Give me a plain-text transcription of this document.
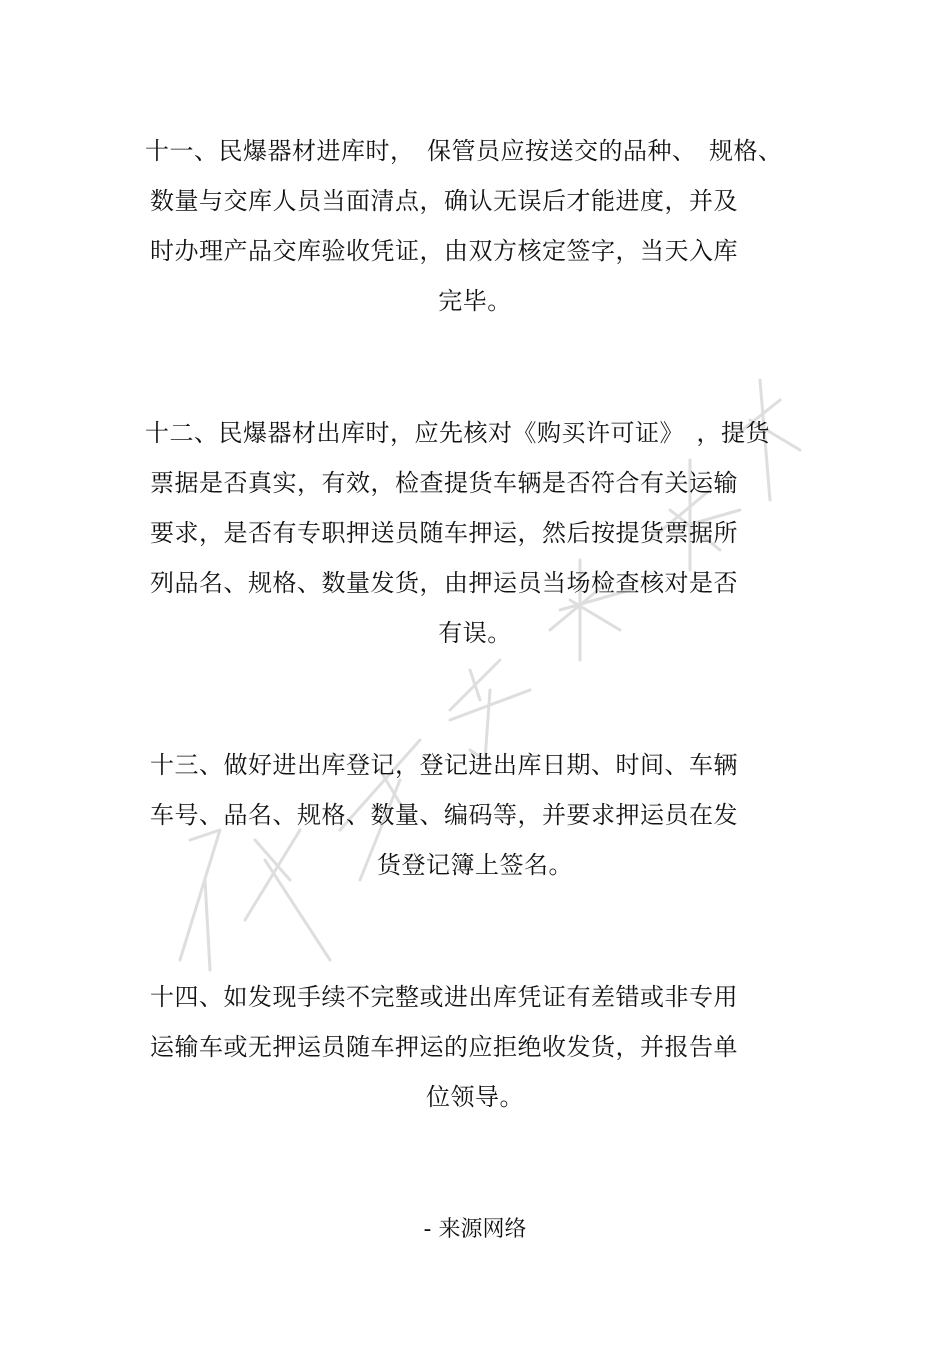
十一、民爆器材进库时，　保管员应按送交的品种、　规格、
数量与交库人员当面清点，确认无误后才能进度，并及
时办理产品交库验收凭证，由双方核定签字，当天入库
完毕。
十二、民爆器材出库时，应先核对《购买许可证》　，提货
票据是否真实，有效，检查提货车辆是否符合有关运输
要求，是否有专职押送员随车押运，然后按提货票据所
列品名、规格、数量发货，由押运员当场检查核对是否
有误。
十三、做好进出库登记，登记进出库日期、时间、车辆
车号、品名、规格、数量、编码等，并要求押运员在发
货登记簿上签名。
十四、如发现手续不完整或进出库凭证有差错或非专用
运输车或无押运员随车押运的应拒绝收发货，并报告单
位领导。
- 来源网络
